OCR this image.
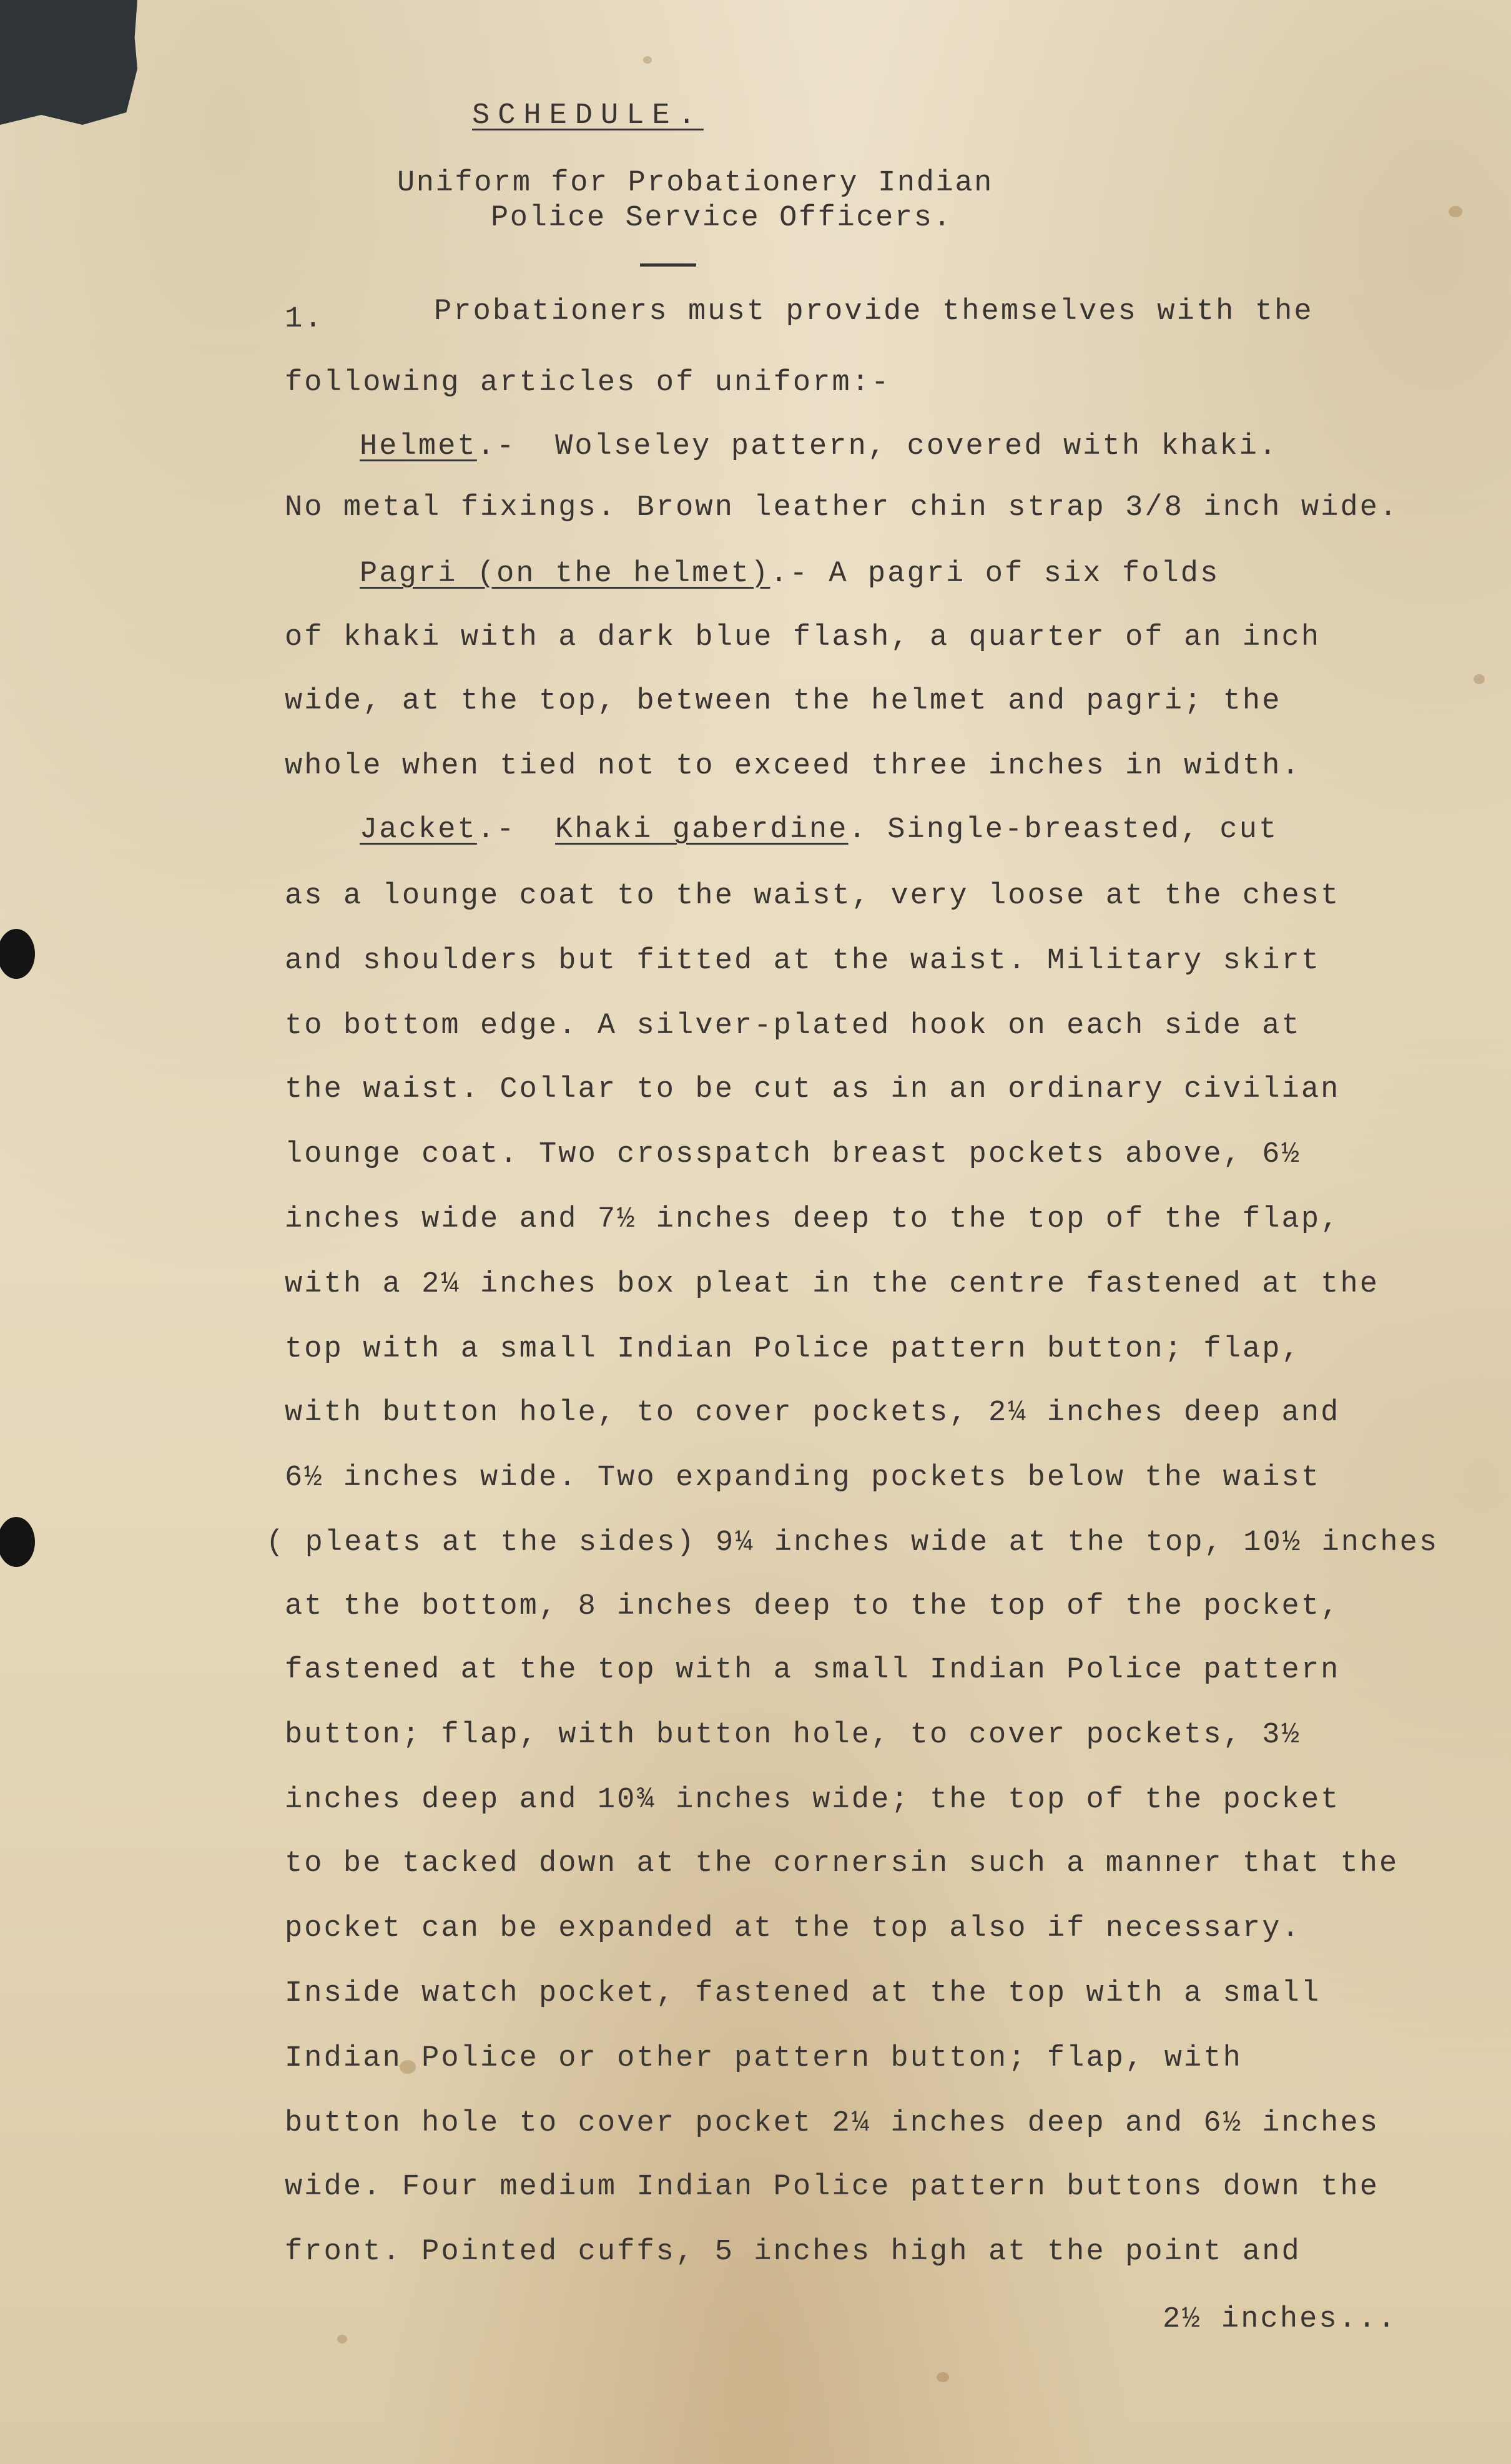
SCHEDULE.
Uniform for Probationery Indian
Police Service Officers.
1.	Probationers must provide themselves with the
following articles of uniform:-
Helmet.-  Wolseley pattern, covered with khaki.
No metal fixings. Brown leather chin strap 3/8 inch wide.
Pagri (on the helmet).- A pagri of six folds
of khaki with a dark blue flash, a quarter of an inch
wide, at the top, between the helmet and pagri; the
whole when tied not to exceed three inches in width.
Jacket.-  Khaki gaberdine. Single-breasted, cut
as a lounge coat to the waist, very loose at the chest
and shoulders but fitted at the waist. Military skirt
to bottom edge. A silver-plated hook on each side at
the waist. Collar to be cut as in an ordinary civilian
lounge coat. Two crosspatch breast pockets above, 6½
inches wide and 7½ inches deep to the top of the flap,
with a 2¼ inches box pleat in the centre fastened at the
top with a small Indian Police pattern button; flap,
with button hole, to cover pockets, 2¼ inches deep and
6½ inches wide. Two expanding pockets below the waist
( pleats at the sides) 9¼ inches wide at the top, 10½ inches
at the bottom, 8 inches deep to the top of the pocket,
fastened at the top with a small Indian Police pattern
button; flap, with button hole, to cover pockets, 3½
inches deep and 10¾ inches wide; the top of the pocket
to be tacked down at the cornersin such a manner that the
pocket can be expanded at the top also if necessary.
Inside watch pocket, fastened at the top with a small
Indian Police or other pattern button; flap, with
button hole to cover pocket 2¼ inches deep and 6½ inches
wide. Four medium Indian Police pattern buttons down the
front. Pointed cuffs, 5 inches high at the point and
2½ inches...
